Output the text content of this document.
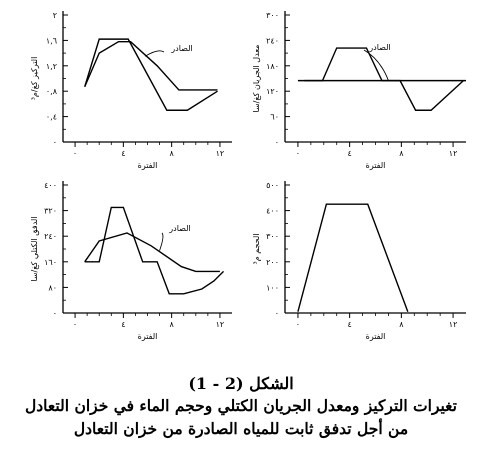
٠
٠,٤
٠,٨
١,٢
١,٦
٢
٠	٤	٨	١٢
الفترة
التركيز كغ/م³
الصادر
٠
٦٠
١٢٠
١٨٠
٢٤٠
٣٠٠
٠	٤	٨	١٢
الفترة
معدل الجريان كغ/سا	الصادر
٠
٨٠
١٦٠
٢٤٠
٣٢٠
٤٠٠
٠	٤	٨	١٢
الفترة
الدفق الكتلي كغ/سا	الصادر
٠
١٠٠
٢٠٠
٣٠٠
٤٠٠
٥٠٠
٠	٤	٨	١٢
الفترة
الحجم م³
الشكل (2 - 1)
تغيرات التركيز ومعدل الجريان الكتلي وحجم الماء في خزان التعادل
من أجل تدفق ثابت للمياه الصادرة من خزان التعادل
